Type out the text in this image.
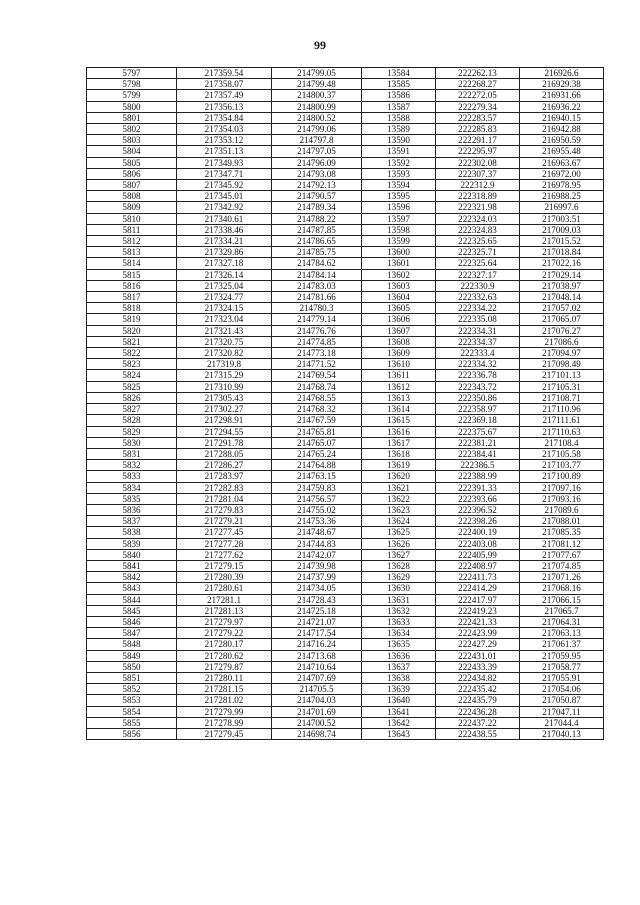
99
5797	217359.54	214799.05	13584	222262.13	216926.6
5798	217358.07	214799.48	13585	222268.27	216929.38
5799	217357.49	214800.37	13586	222272.05	216931.66
5800	217356.13	214800.99	13587	222279.34	216936.22
5801	217354.84	214800.52	13588	222283.57	216940.15
5802	217354.03	214799.06	13589	222285.83	216942.88
5803	217353.12	214797.8	13590	222291.17	216950.59
5804	217351.13	214797.05	13591	222295.97	216955.48
5805	217349.93	214796.09	13592	222302.08	216963.67
5806	217347.71	214793.08	13593	222307.37	216972.00
5807	217345.92	214792.13	13594	222312.9	216978.95
5808	217345.01	214790.57	13595	222318.89	216988.25
5809	217342.92	214789.34	13596	222321.98	216997.6
5810	217340.61	214788.22	13597	222324.03	217003.51
5811	217338.46	214787.85	13598	222324.83	217009.03
5812	217334.21	214786.65	13599	222325.65	217015.52
5813	217329.86	214785.75	13600	222325.71	217018.84
5814	217327.18	214784.62	13601	222325.64	217022.16
5815	217326.14	214784.14	13602	222327.17	217029.14
5816	217325.04	214783.03	13603	222330.9	217038.97
5817	217324.77	214781.66	13604	222332.63	217048.14
5818	217324.15	214780.3	13605	222334.22	217057.02
5819	217323.04	214779.14	13606	222335.08	217065.07
5820	217321.43	214776.76	13607	222334.31	217076.27
5821	217320.75	214774.85	13608	222334.37	217086.6
5822	217320.82	214773.18	13609	222333.4	217094.97
5823	217319.8	214771.52	13610	222334.32	217098.49
5824	217315.29	214769.54	13611	222336.78	217101.13
5825	217310.99	214768.74	13612	222343.72	217105.31
5826	217305.43	214768.55	13613	222350.86	217108.71
5827	217302.27	214768.32	13614	222358.97	217110.96
5828	217298.91	214767.59	13615	222369.18	217111.61
5829	217294.55	214765.81	13616	222375.67	217110.63
5830	217291.78	214765.07	13617	222381.21	217108.4
5831	217288.05	214765.24	13618	222384.41	217105.58
5832	217286.27	214764.88	13619	222386.5	217103.77
5833	217283.97	214763.15	13620	222388.99	217100.89
5834	217282.83	214759.83	13621	222391.33	217097.16
5835	217281.04	214756.57	13622	222393.66	217093.16
5836	217279.83	214755.02	13623	222396.52	217089.6
5837	217279.21	214753.36	13624	222398.26	217088.01
5838	217277.45	214748.67	13625	222400.19	217085.35
5839	217277.28	214744.83	13626	222403.08	217081.12
5840	217277.62	214742.07	13627	222405.99	217077.67
5841	217279.15	214739.98	13628	222408.97	217074.85
5842	217280.39	214737.99	13629	222411.73	217071.26
5843	217280.61	214734.05	13630	222414.29	217068.16
5844	217281.1	214728.43	13631	222417.97	217066.15
5845	217281.13	214725.18	13632	222419.23	217065.7
5846	217279.97	214721.07	13633	222421.33	217064.31
5847	217279.22	214717.54	13634	222423.99	217063.13
5848	217280.17	214716.24	13635	222427.29	217061.37
5849	217280.62	214713.68	13636	222431.01	217059.95
5850	217279.87	214710.64	13637	222433.39	217058.77
5851	217280.11	214707.69	13638	222434.82	217055.91
5852	217281.15	214705.5	13639	222435.42	217054.06
5853	217281.02	214704.03	13640	222435.79	217050.87
5854	217279.99	214701.69	13641	222436.28	217047.11
5855	217278.99	214700.52	13642	222437.22	217044.4
5856	217279.45	214698.74	13643	222438.55	217040.13
